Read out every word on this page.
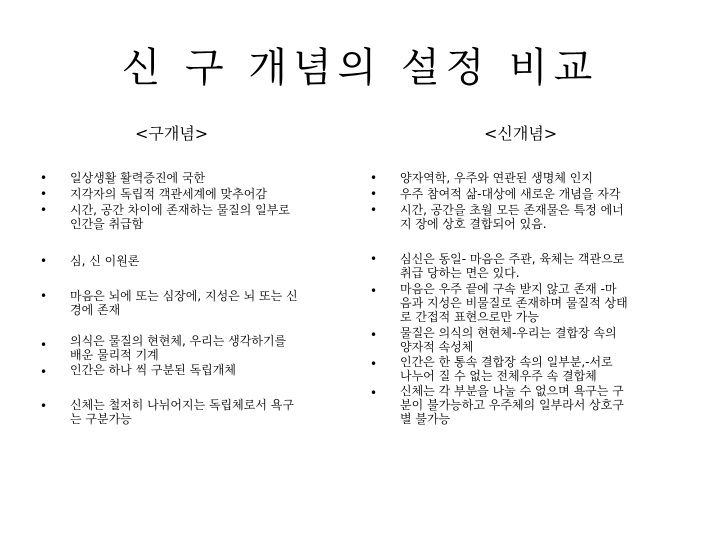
신 구 개념의 설정 비교
<구개념>	<신개념>
• 일상생활 활력증진에 국한
• 지각자의 독립적 객관세계에 맞추어감
• 시간, 공간 차이에 존재하는 물질의 일부로
인간을 취급함
• 심, 신 이원론
• 마음은 뇌에 또는 심장에, 지성은 뇌 또는 신
경에 존재
• 의식은 물질의 현현체, 우리는 생각하기를
배운 물리적 기계
• 인간은 하나 씩 구분된 독립개체
• 신체는 철저히 나뉘어지는 독립체로서 욕구
는 구분가능
• 양자역학, 우주와 연관된 생명체 인지
• 우주 참여적 삶-대상에 새로운 개념을 자각
• 시간, 공간을 초월 모든 존재물은 특정 에너
지 장에 상호 결합되어 있음.
• 심신은 동일- 마음은 주관, 육체는 객관으로
취급 당하는 면은 있다.
• 마음은 우주 끝에 구속 받지 않고 존재 -마
음과 지성은 비물질로 존재하며 물질적 상태
로 간접적 표현으로만 가능
• 물질은 의식의 현현체-우리는 결합장 속의
양자적 속성체
• 인간은 한 통속 결합장 속의 일부분,-서로
나누어 질 수 없는 전체우주 속 결합체
• 신체는 각 부분을 나눌 수 없으며 욕구는 구
분이 불가능하고 우주체의 일부라서 상호구
별 불가능
